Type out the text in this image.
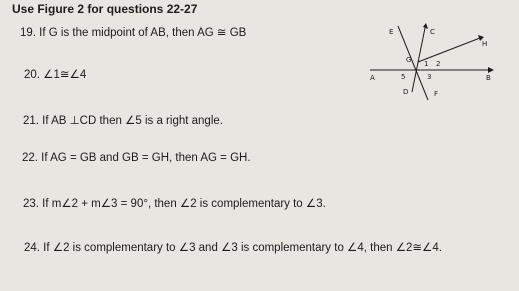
Use Figure 2 for questions 22-27
19. If G is the midpoint of AB, then AG ≅ GB
20. ∠1≅∠4
21. If AB ⊥CD then ∠5 is a right angle.
22. If AG = GB and GB = GH, then AG = GH.
23. If m∠2 + m∠3 = 90°, then ∠2 is complementary to ∠3.
24. If ∠2 is complementary to ∠3 and ∠3 is complementary to ∠4, then ∠2≅∠4.
E	C
H
G
A	B
D	F
1 2
3
5
